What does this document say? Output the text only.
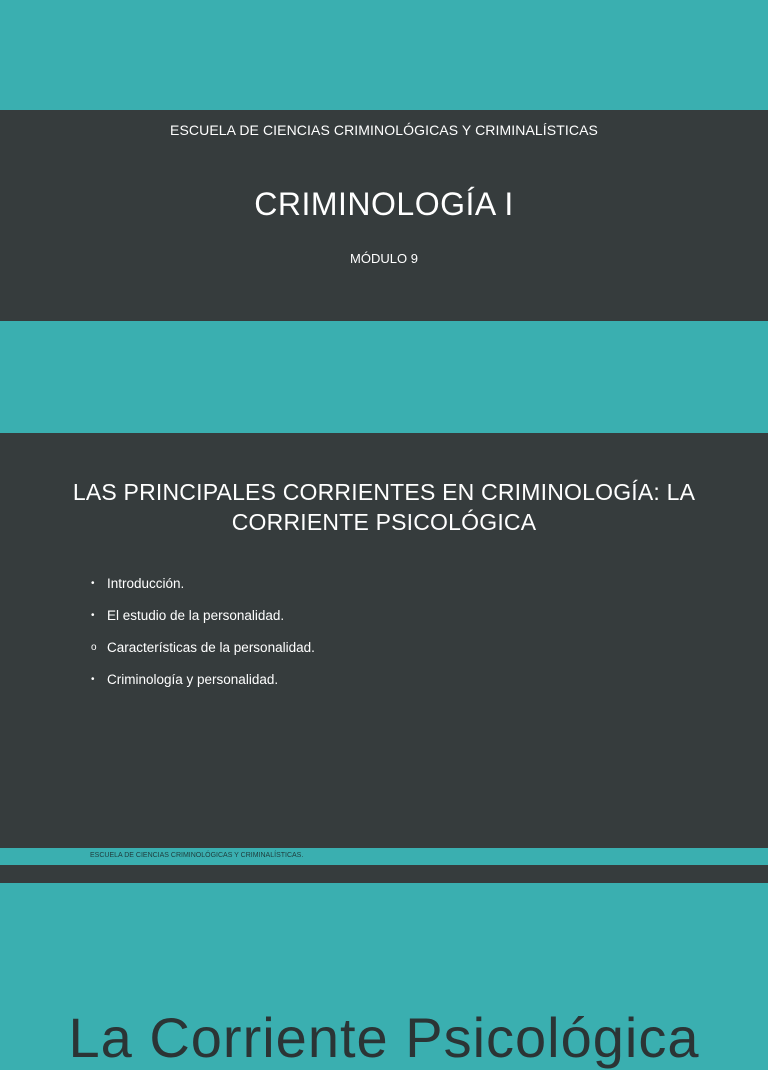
ESCUELA DE CIENCIAS CRIMINOLÓGICAS Y CRIMINALÍSTICAS
CRIMINOLOGÍA I
MÓDULO 9
LAS PRINCIPALES CORRIENTES EN CRIMINOLOGÍA: LA
CORRIENTE PSICOLÓGICA
• Introducción.
• El estudio de la personalidad.
o Características de la personalidad.
• Criminología y personalidad.
ESCUELA DE CIENCIAS CRIMINOLÓGICAS Y CRIMINALÍSTICAS.
La Corriente Psicológica
